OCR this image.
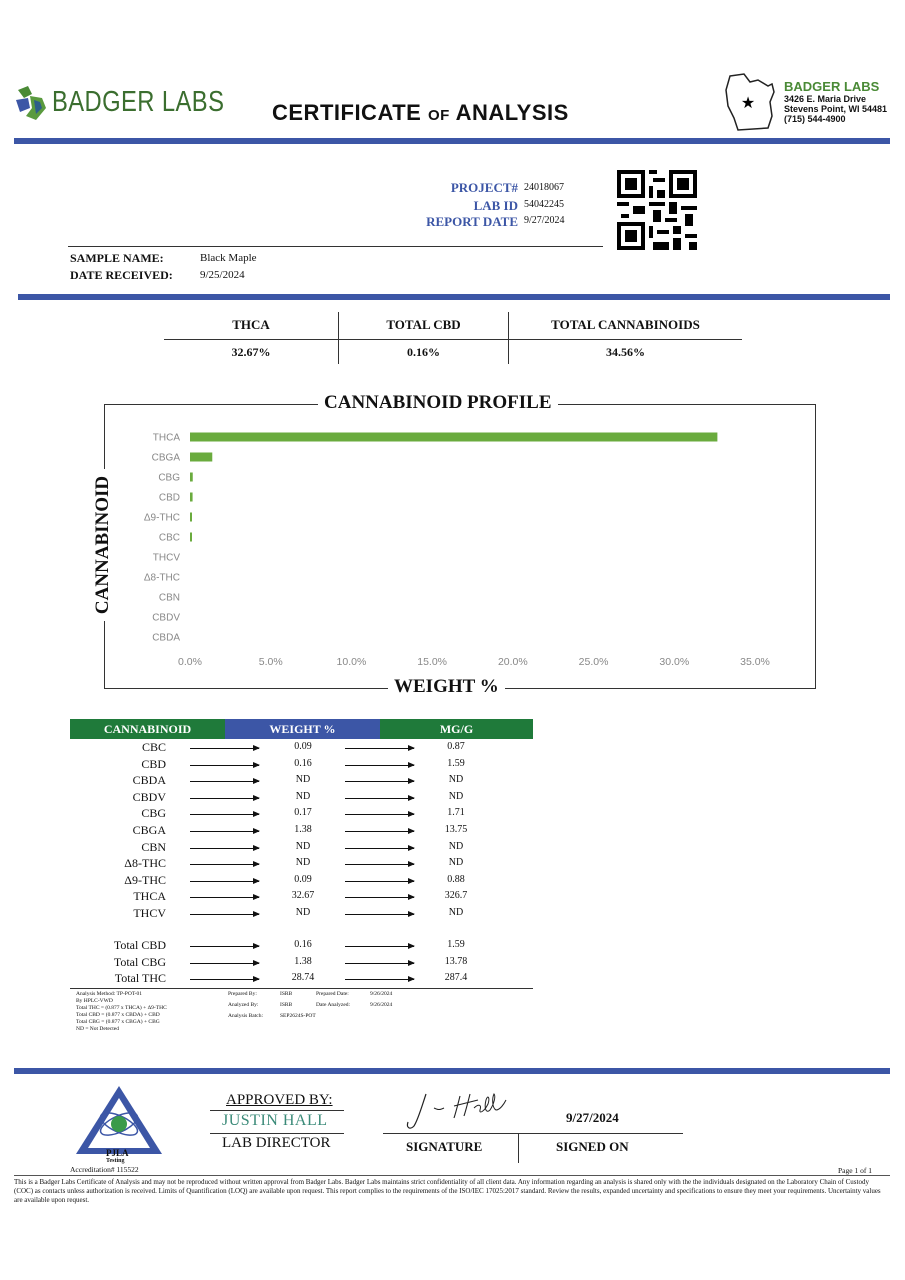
BADGER LABS CERTIFICATE OF ANALYSIS	★
BADGER LABS
3426 E. Maria Drive
Stevens Point, WI 54481
(715) 544-4900
PROJECT# 24018067
LAB ID 54042245
REPORT DATE 9/27/2024
SAMPLE NAME:	Black Maple
DATE RECEIVED: 9/25/2024
THCA	TOTAL CBD	TOTAL CANNABINOIDS
32.67%	0.16%	34.56%
CANNABINOID PROFILE
WEIGHT %
CANNABINOID
THCA
CBGA
CBG
CBD
Δ9-THC
CBC
THCV
Δ8-THC
CBN
CBDV
CBDA
0.0%	5.0%	10.0%	15.0%	20.0%	25.0%	30.0%	35.0%
CANNABINOID	WEIGHT %	MG/G
CBC	0.09	0.87
CBD	0.16	1.59
CBDA	ND	ND
CBDV	ND	ND
CBG	0.17	1.71
CBGA	1.38	13.75
CBN	ND	ND
Δ8-THC	ND	ND
Δ9-THC	0.09	0.88
THCA	32.67	326.7
THCV	ND	ND
Total CBD	0.16	1.59
Total CBG	1.38	13.78
Total THC	28.74	287.4
Analysis Method: TP-POT-01
By HPLC-VWD
Total THC = (0.877 x THCA) + Δ9-THC
Total CBD = (0.877 x CBDA) + CBD
Total CBG = (0.877 x CBGA) + CBG
ND = Not Detected
Prepared By:	ISRB	Prepared Date:	9/26/2024
Analyzed By:	ISRB	Date Analyzed:	9/26/2024
Analysis Batch:	SEP2624S-POT
PJLA
Testing
Accreditation# 115522
APPROVED BY:
JUSTIN HALL
LAB DIRECTOR	SIGNATURE
9/27/2024
SIGNED ON
Page 1 of 1
This is a Badger Labs Certificate of Analysis and may not be reproduced without written approval from Badger Labs. Badger Labs maintains strict confidentiality of all client data. Any information regarding an analysis is shared only with the the individuals designated on the Laboratory Chain of Custody (COC) as contacts unless authorization is received. Limits of Quantification (LOQ) are available upon request. This report complies to the requirements of the ISO/IEC 17025:2017 standard. Review the results, expanded uncertainty and specifications to ensure they meet your requirements. Uncertainty values are available upon request.
